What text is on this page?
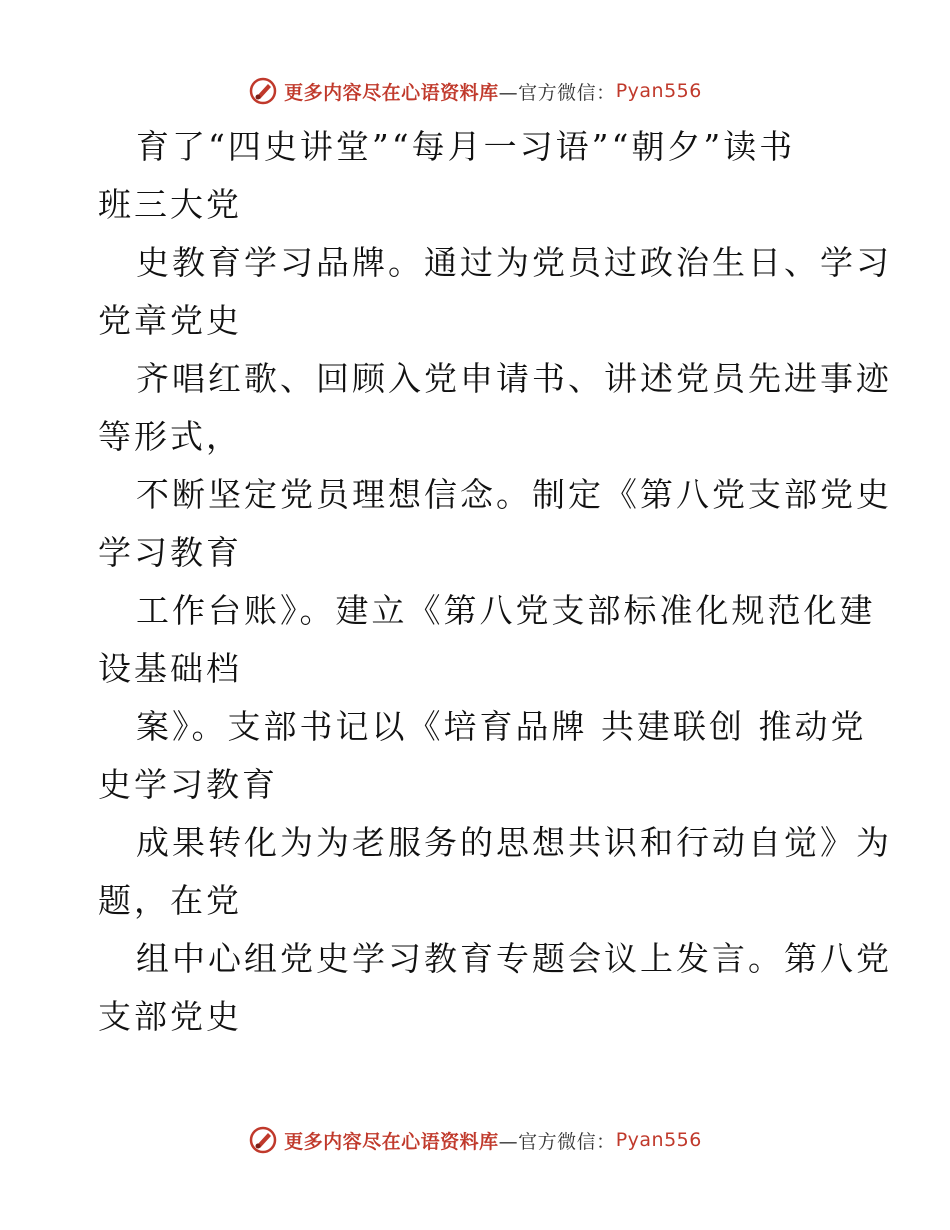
更多内容尽在心语资料库 —官方微信： Pyan556
育了“四史讲堂”“每月一习语”“朝夕”读书
班三大党
史教育学习品牌。通过为党员过政治生日、学习
党章党史
齐唱红歌、回顾入党申请书、讲述党员先进事迹
等形式，
不断坚定党员理想信念。制定《第八党支部党史
学习教育
工作台账》。建立《第八党支部标准化规范化建
设基础档
案》。支部书记以《培育品牌 共建联创 推动党
史学习教育
成果转化为为老服务的思想共识和行动自觉》为
题，在党
组中心组党史学习教育专题会议上发言。第八党
支部党史
更多内容尽在心语资料库 —官方微信： Pyan556
